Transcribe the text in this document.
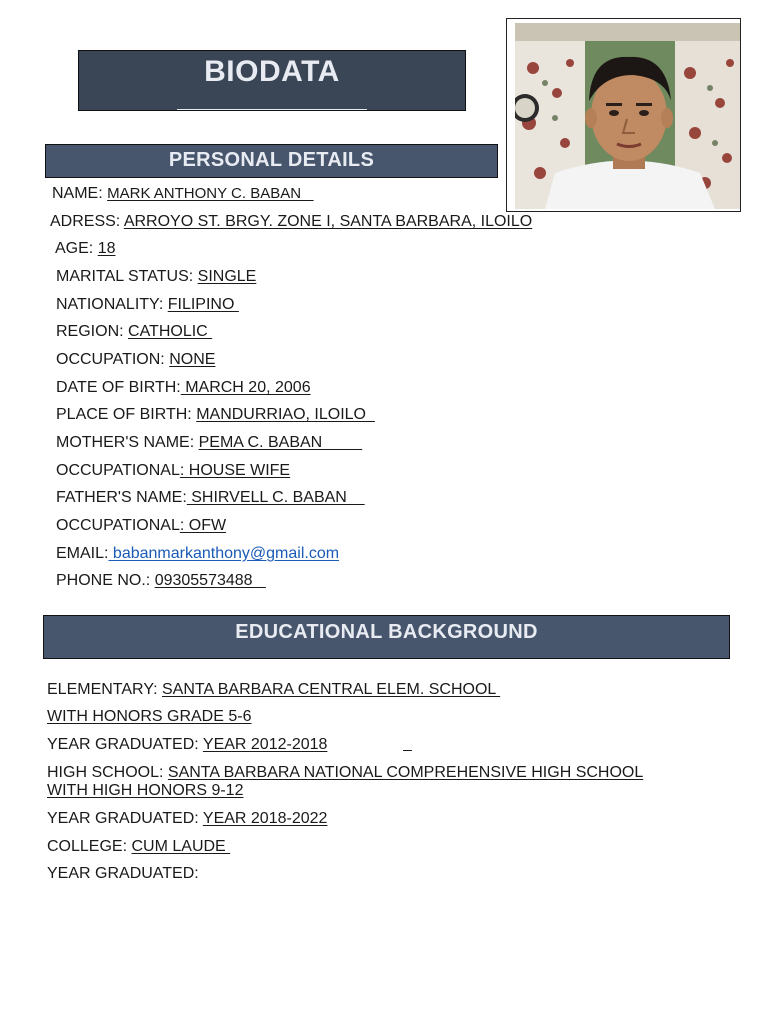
BIODATA
PERSONAL DETAILS
NAME: MARK ANTHONY C. BABAN
ADRESS: ARROYO ST. BRGY. ZONE I, SANTA BARBARA, ILOILO
AGE: 18
MARITAL STATUS: SINGLE
NATIONALITY: FILIPINO
REGION: CATHOLIC
OCCUPATION: NONE
DATE OF BIRTH: MARCH 20, 2006
PLACE OF BIRTH: MANDURRIAO, ILOILO
MOTHER'S NAME: PEMA C. BABAN
OCCUPATIONAL: HOUSE WIFE
FATHER'S NAME: SHIRVELL C. BABAN
OCCUPATIONAL: OFW
EMAIL: babanmarkanthony@gmail.com
PHONE NO.: 09305573488
EDUCATIONAL BACKGROUND
ELEMENTARY: SANTA BARBARA CENTRAL ELEM. SCHOOL
WITH HONORS GRADE 5-6
YEAR GRADUATED: YEAR 2012-2018
HIGH SCHOOL: SANTA BARBARA NATIONAL COMPREHENSIVE HIGH SCHOOL
WITH HIGH HONORS 9-12
YEAR GRADUATED: YEAR 2018-2022
COLLEGE: CUM LAUDE
YEAR GRADUATED:
